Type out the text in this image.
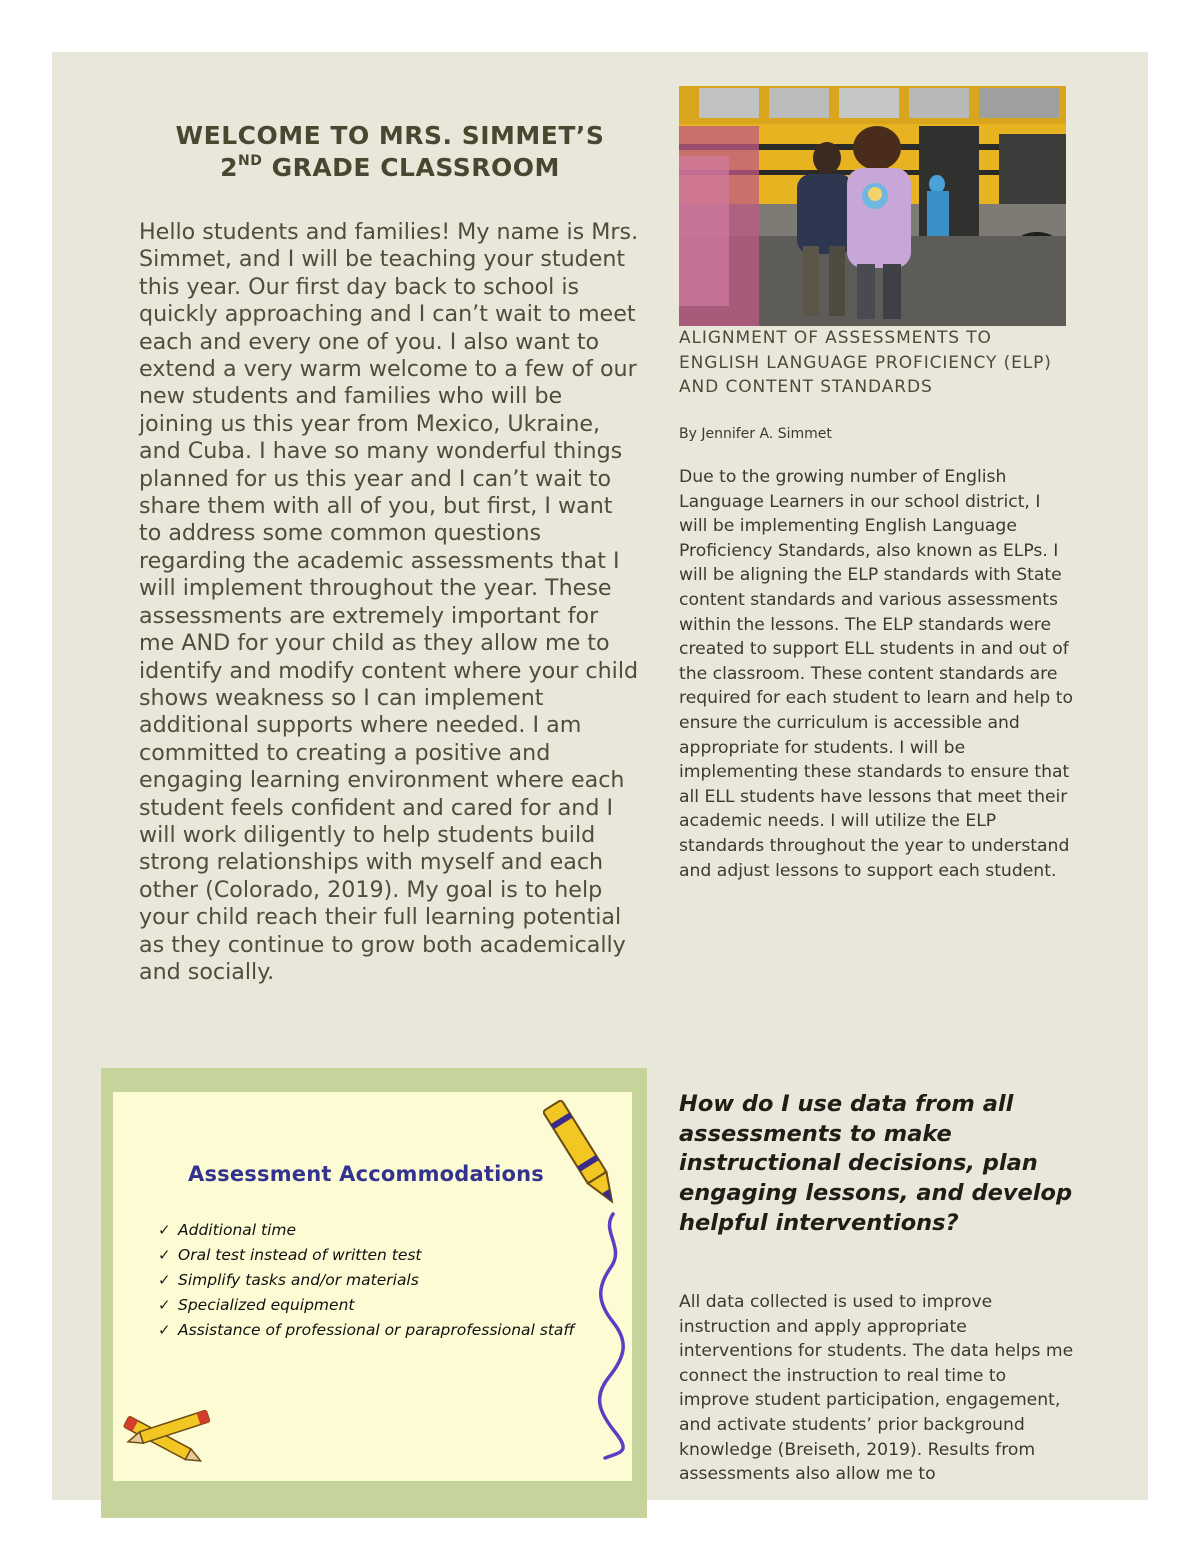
WELCOME TO MRS. SIMMET’S
2ND GRADE CLASSROOM

Hello students and families! My name is Mrs. Simmet, and I will be teaching your student this year. Our first day back to school is quickly approaching and I can’t wait to meet each and every one of you. I also want to extend a very warm welcome to a few of our new students and families who will be joining us this year from Mexico, Ukraine, and Cuba. I have so many wonderful things planned for us this year and I can’t wait to share them with all of you, but first, I want to address some common questions regarding the academic assessments that I will implement throughout the year. These assessments are extremely important for me AND for your child as they allow me to identify and modify content where your child shows weakness so I can implement additional supports where needed. I am committed to creating a positive and engaging learning environment where each student feels confident and cared for and I will work diligently to help students build strong relationships with myself and each other (Colorado, 2019). My goal is to help your child reach their full learning potential as they continue to grow both academically and socially.

ALIGNMENT OF ASSESSMENTS TO ENGLISH LANGUAGE PROFICIENCY (ELP) AND CONTENT STANDARDS

By Jennifer A. Simmet

Due to the growing number of English Language Learners in our school district, I will be implementing English Language Proficiency Standards, also known as ELPs. I will be aligning the ELP standards with State content standards and various assessments within the lessons. The ELP standards were created to support ELL students in and out of the classroom. These content standards are required for each student to learn and help to ensure the curriculum is accessible and appropriate for students. I will be implementing these standards to ensure that all ELL students have lessons that meet their academic needs. I will utilize the ELP standards throughout the year to understand and adjust lessons to support each student.

Assessment Accommodations
✓ Additional time
✓ Oral test instead of written test
✓ Simplify tasks and/or materials
✓ Specialized equipment
✓ Assistance of professional or paraprofessional staff
How do I use data from all assessments to make instructional decisions, plan engaging lessons, and develop helpful interventions?

All data collected is used to improve instruction and apply appropriate interventions for students. The data helps me connect the instruction to real time to improve student participation, engagement, and activate students’ prior background knowledge (Breiseth, 2019). Results from assessments also allow me to
